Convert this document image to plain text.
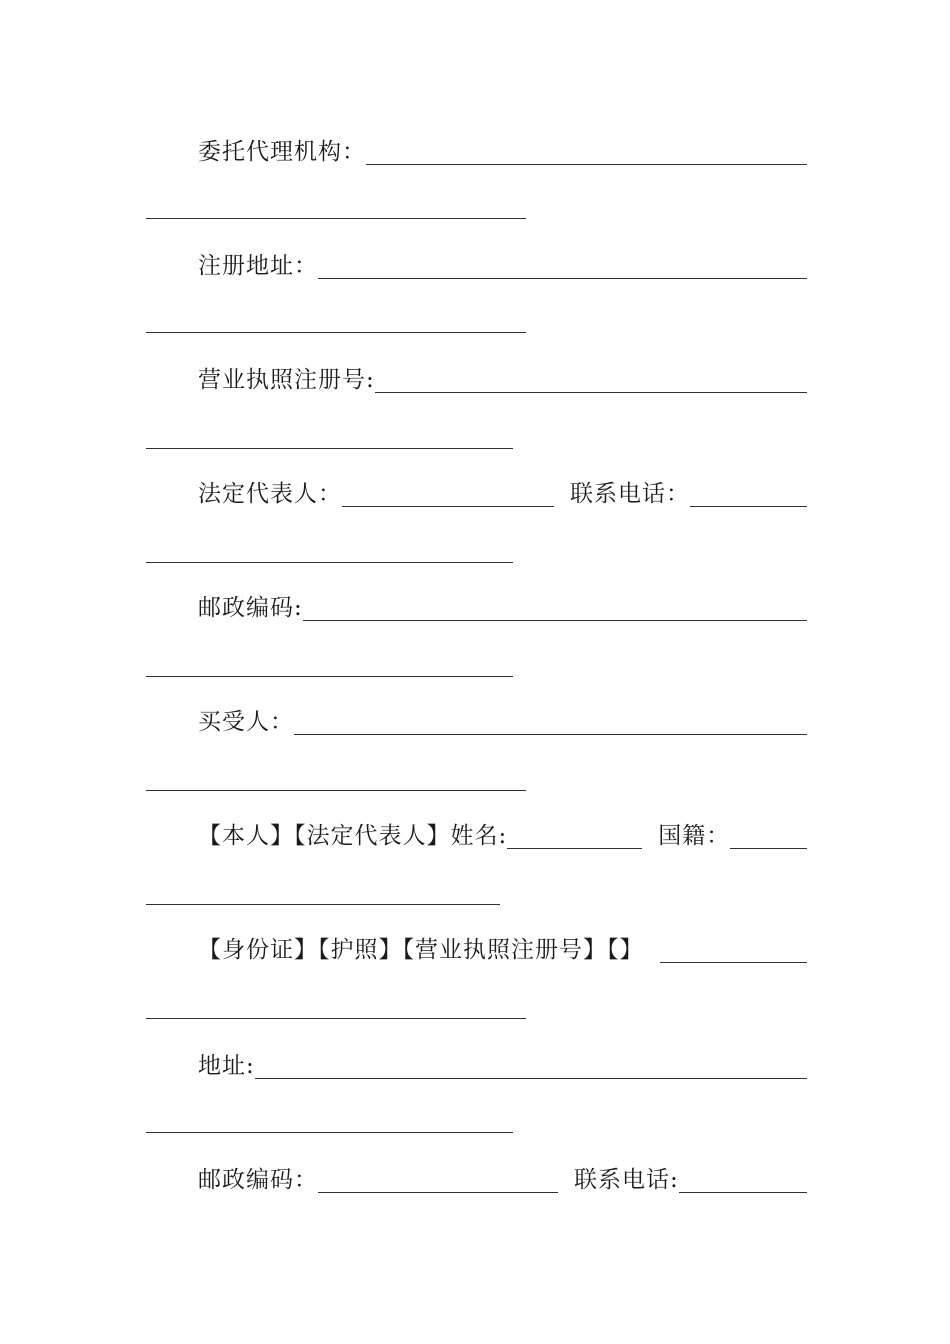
委托代理机构：
注册地址：
营业执照注册号:
法定代表人：	联系电话：
邮政编码:
买受人：
【本人】【法定代表人】姓名:	国籍：
【身份证】【护照】【营业执照注册号】【】
地址:
邮政编码：	联系电话:
